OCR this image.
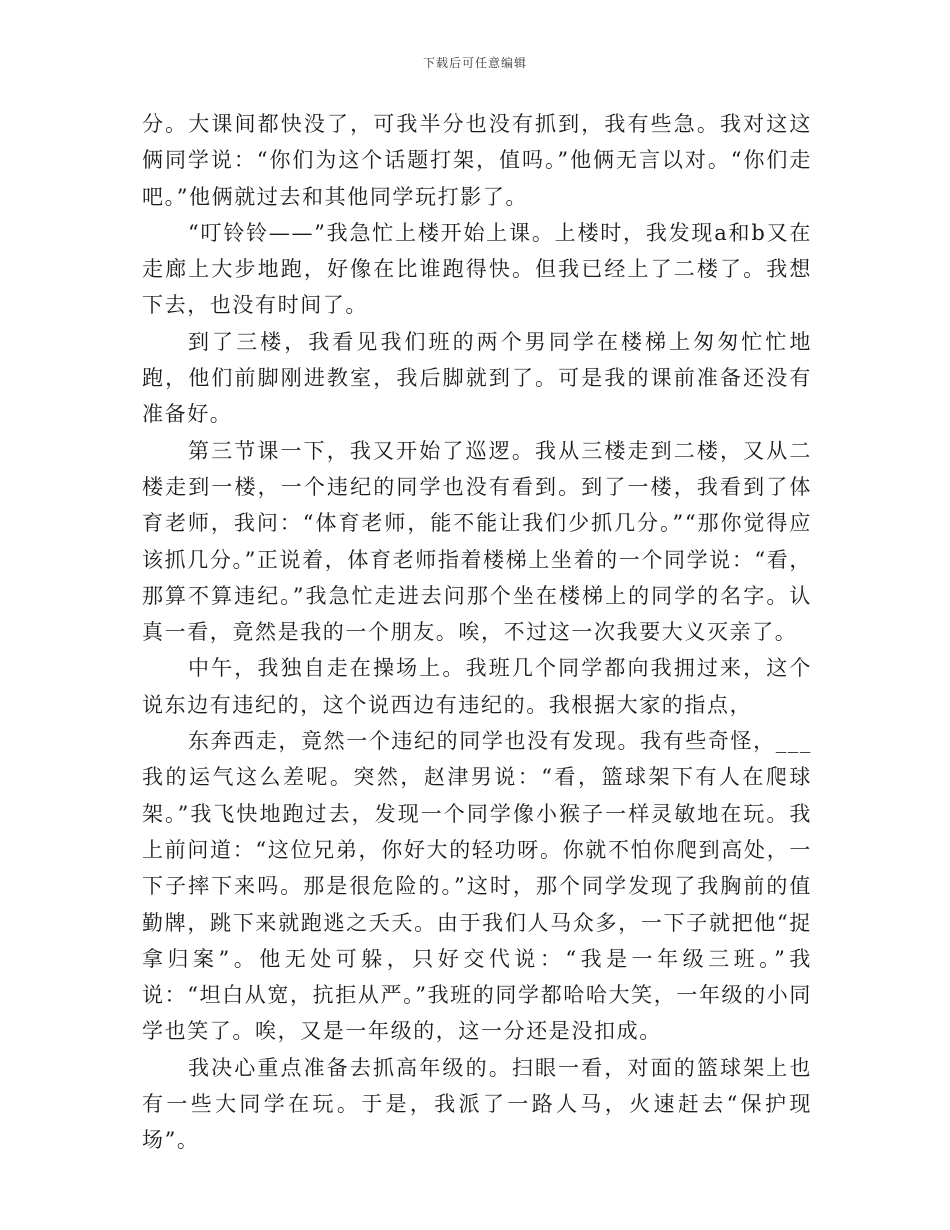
下载后可任意编辑

分。大课间都快没了，可我半分也没有抓到，我有些急。我对这这俩同学说：“你们为这个话题打架，值吗。”他俩无言以对。“你们走吧。”他俩就过去和其他同学玩打影了。

“叮铃铃——”我急忙上楼开始上课。上楼时，我发现a和b又在走廊上大步地跑，好像在比谁跑得快。但我已经上了二楼了。我想下去，也没有时间了。

到了三楼，我看见我们班的两个男同学在楼梯上匆匆忙忙地跑，他们前脚刚进教室，我后脚就到了。可是我的课前准备还没有准备好。

第三节课一下，我又开始了巡逻。我从三楼走到二楼，又从二楼走到一楼，一个违纪的同学也没有看到。到了一楼，我看到了体育老师，我问：“体育老师，能不能让我们少抓几分。”“那你觉得应该抓几分。”正说着，体育老师指着楼梯上坐着的一个同学说：“看，那算不算违纪。”我急忙走进去问那个坐在楼梯上的同学的名字。认真一看，竟然是我的一个朋友。唉，不过这一次我要大义灭亲了。

中午，我独自走在操场上。我班几个同学都向我拥过来，这个说东边有违纪的，这个说西边有违纪的。我根据大家的指点，

东奔西走，竟然一个违纪的同学也没有发现。我有些奇怪，___我的运气这么差呢。突然，赵津男说：“看，篮球架下有人在爬球架。”我飞快地跑过去，发现一个同学像小猴子一样灵敏地在玩。我上前问道：“这位兄弟，你好大的轻功呀。你就不怕你爬到高处，一下子摔下来吗。那是很危险的。”这时，那个同学发现了我胸前的值勤牌，跳下来就跑逃之夭夭。由于我们人马众多，一下子就把他“捉拿归案”。他无处可躲，只好交代说：“我是一年级三班。”我说：“坦白从宽，抗拒从严。”我班的同学都哈哈大笑，一年级的小同学也笑了。唉，又是一年级的，这一分还是没扣成。

我决心重点准备去抓高年级的。扫眼一看，对面的篮球架上也有一些大同学在玩。于是，我派了一路人马，火速赶去“保护现场”。
